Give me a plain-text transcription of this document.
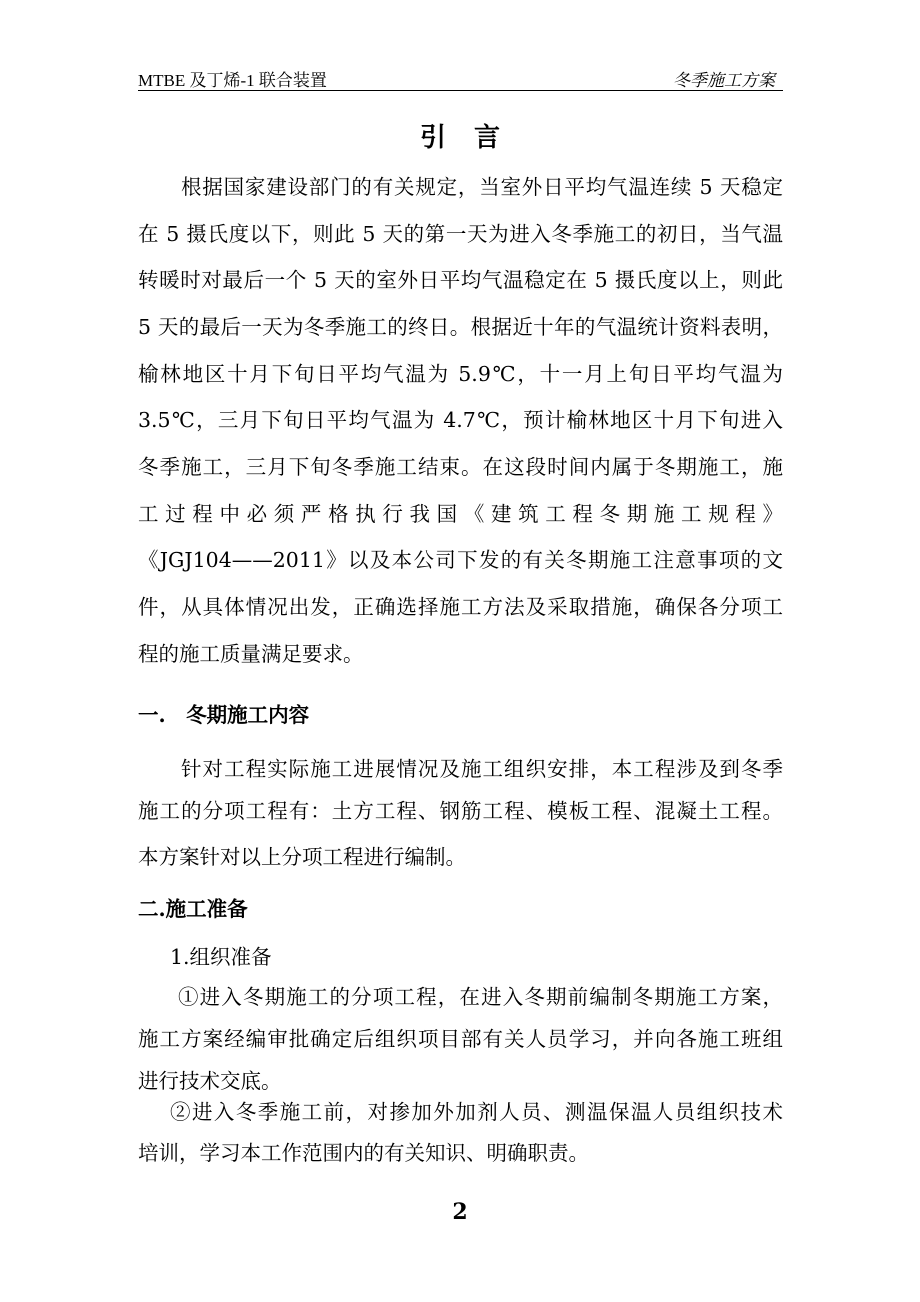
MTBE 及丁烯-1 联合装置	冬季施工方案
引言
根据国家建设部门的有关规定，当室外日平均气温连续 5 天稳定
在 5 摄氏度以下，则此 5 天的第一天为进入冬季施工的初日，当气温
转暖时对最后一个 5 天的室外日平均气温稳定在 5 摄氏度以上，则此
5 天的最后一天为冬季施工的终日。根据近十年的气温统计资料表明，
榆林地区十月下旬日平均气温为 5.9℃，十一月上旬日平均气温为
3.5℃，三月下旬日平均气温为 4.7℃，预计榆林地区十月下旬进入
冬季施工，三月下旬冬季施工结束。在这段时间内属于冬期施工，施
工过程中必须严格执行我国《建筑工程冬期施工规程》
《JGJ104——2011》以及本公司下发的有关冬期施工注意事项的文
件，从具体情况出发，正确选择施工方法及采取措施，确保各分项工
程的施工质量满足要求。
一.　冬期施工内容
针对工程实际施工进展情况及施工组织安排，本工程涉及到冬季
施工的分项工程有：土方工程、钢筋工程、模板工程、混凝土工程。
本方案针对以上分项工程进行编制。
二.施工准备
1.组织准备
①进入冬期施工的分项工程，在进入冬期前编制冬期施工方案，
施工方案经编审批确定后组织项目部有关人员学习，并向各施工班组
进行技术交底。
②进入冬季施工前，对掺加外加剂人员、测温保温人员组织技术
培训，学习本工作范围内的有关知识、明确职责。
2
